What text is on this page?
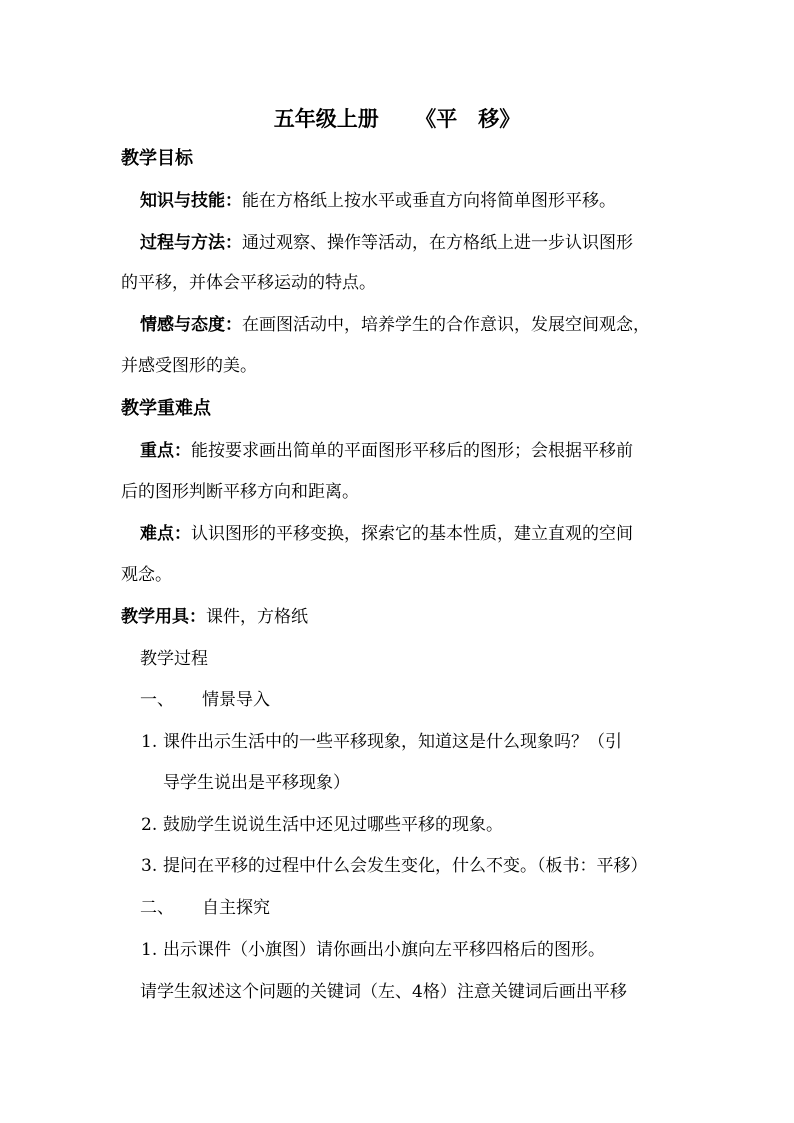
五年级上册 《平　移》
教学目标
知识与技能：能在方格纸上按水平或垂直方向将简单图形平移。
过程与方法：通过观察、操作等活动，在方格纸上进一步认识图形
的平移，并体会平移运动的特点。
情感与态度：在画图活动中，培养学生的合作意识，发展空间观念，
并感受图形的美。
教学重难点
重点：能按要求画出简单的平面图形平移后的图形；会根据平移前
后的图形判断平移方向和距离。
难点：认识图形的平移变换，探索它的基本性质，建立直观的空间
观念。
教学用具：课件，方格纸
教学过程
一、 情景导入
1. 课件出示生活中的一些平移现象，知道这是什么现象吗？（引
导学生说出是平移现象）
2. 鼓励学生说说生活中还见过哪些平移的现象。
3. 提问在平移的过程中什么会发生变化，什么不变。（板书：平移）
二、 自主探究
1. 出示课件（小旗图）请你画出小旗向左平移四格后的图形。
请学生叙述这个问题的关键词（左、4格）注意关键词后画出平移
